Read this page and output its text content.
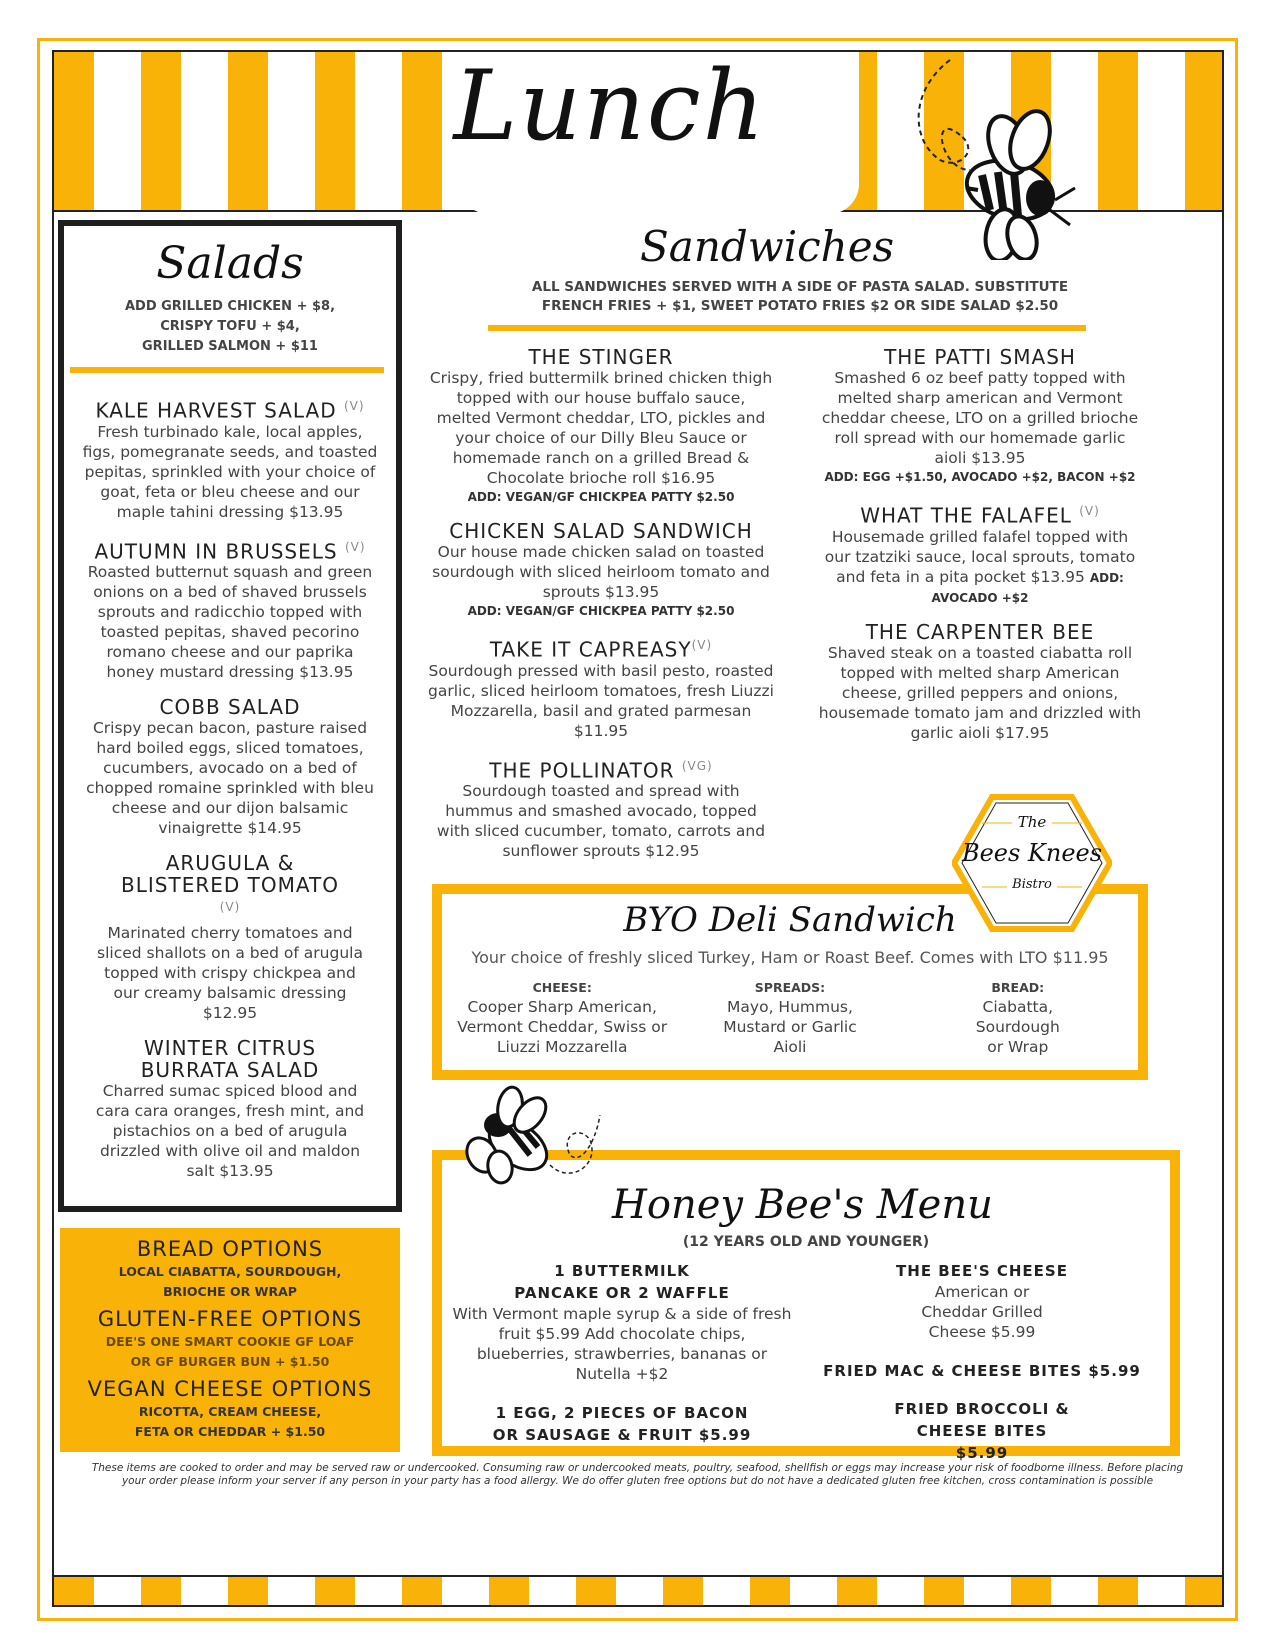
Lunch
Salads
ADD GRILLED CHICKEN + $8,
CRISPY TOFU + $4,
GRILLED SALMON + $11
KALE HARVEST SALAD $^{(V)}$
Fresh turbinado kale, local apples, figs, pomegranate seeds, and toasted pepitas, sprinkled with your choice of goat, feta or bleu cheese and our maple tahini dressing $13.95
AUTUMN IN BRUSSELS $^{(V)}$
Roasted butternut squash and green onions on a bed of shaved brussels sprouts and radicchio topped with toasted pepitas, shaved pecorino romano cheese and our paprika honey mustard dressing $13.95
COBB SALAD
Crispy pecan bacon, pasture raised hard boiled eggs, sliced tomatoes, cucumbers, avocado on a bed of chopped romaine sprinkled with bleu cheese and our dijon balsamic vinaigrette $14.95
ARUGULA & BLISTERED TOMATO $^{(V)}$
Marinated cherry tomatoes and sliced shallots on a bed of arugula topped with crispy chickpea and our creamy balsamic dressing $12.95
WINTER CITRUS BURRATA SALAD
Charred sumac spiced blood and cara cara oranges, fresh mint, and pistachios on a bed of arugula drizzled with olive oil and maldon salt $13.95
BREAD OPTIONS
LOCAL CIABATTA, SOURDOUGH,
BRIOCHE OR WRAP
GLUTEN-FREE OPTIONS
DEE'S ONE SMART COOKIE GF LOAF
OR GF BURGER BUN + $1.50
VEGAN CHEESE OPTIONS
RICOTTA, CREAM CHEESE,
FETA OR CHEDDAR + $1.50
Sandwiches
ALL SANDWICHES SERVED WITH A SIDE OF PASTA SALAD. SUBSTITUTE
FRENCH FRIES + $1, SWEET POTATO FRIES $2 OR SIDE SALAD $2.50
THE STINGER
Crispy, fried buttermilk brined chicken thigh topped with our house buffalo sauce, melted Vermont cheddar, LTO, pickles and your choice of our Dilly Bleu Sauce or homemade ranch on a grilled Bread & Chocolate brioche roll $16.95
ADD: VEGAN/GF CHICKPEA PATTY $2.50
CHICKEN SALAD SANDWICH
Our house made chicken salad on toasted sourdough with sliced heirloom tomato and sprouts $13.95
ADD: VEGAN/GF CHICKPEA PATTY $2.50
TAKE IT $CAPREASY^{(V)}$
Sourdough pressed with basil pesto, roasted garlic, sliced heirloom tomatoes, fresh Liuzzi Mozzarella, basil and grated parmesan $11.95
THE POLLINATOR $^{(VG)}$
Sourdough toasted and spread with hummus and smashed avocado, topped with sliced cucumber, tomato, carrots and sunflower sprouts $12.95
THE PATTI SMASH
Smashed 6 oz beef patty topped with melted sharp american and Vermont cheddar cheese, LTO on a grilled brioche roll spread with our homemade garlic aioli $13.95
ADD: EGG +$1.50, AVOCADO +$2, BACON +$2
WHAT THE FALAFEL $^{(V)}$
Housemade grilled falafel topped with our tzatziki sauce, local sprouts, tomato and feta in a pita pocket $13.95 ADD: AVOCADO +$2
THE CARPENTER BEE
Shaved steak on a toasted ciabatta roll topped with melted sharp American cheese, grilled peppers and onions, housemade tomato jam and drizzled with garlic aioli $17.95
BYO Deli Sandwich
Your choice of freshly sliced Turkey, Ham or Roast Beef. Comes with LTO $11.95
CHEESE:
Cooper Sharp American, Vermont Cheddar, Swiss or Liuzzi Mozzarella
SPREADS:
Mayo, Hummus, Mustard or Garlic Aioli
BREAD:
Ciabatta, Sourdough or Wrap
The
Bees Knees
Bistro
Honey Bee's Menu
(12 YEARS OLD AND YOUNGER)
1 BUTTERMILK PANCAKE OR 2 WAFFLE
With Vermont maple syrup & a side of fresh fruit $5.99 Add chocolate chips, blueberries, strawberries, bananas or Nutella +$2
1 EGG, 2 PIECES OF BACON OR SAUSAGE & FRUIT $5.99
THE BEE'S CHEESE
American or Cheddar Grilled Cheese $5.99
FRIED MAC & CHEESE BITES $5.99
FRIED BROCCOLI & CHEESE BITES $5.99
These items are cooked to order and may be served raw or undercooked. Consuming raw or undercooked meats, poultry, seafood, shellfish or eggs may increase your risk of foodborne illness. Before placing
your order please inform your server if any person in your party has a food allergy. We do offer gluten free options but do not have a dedicated gluten free kitchen, cross contamination is possible
